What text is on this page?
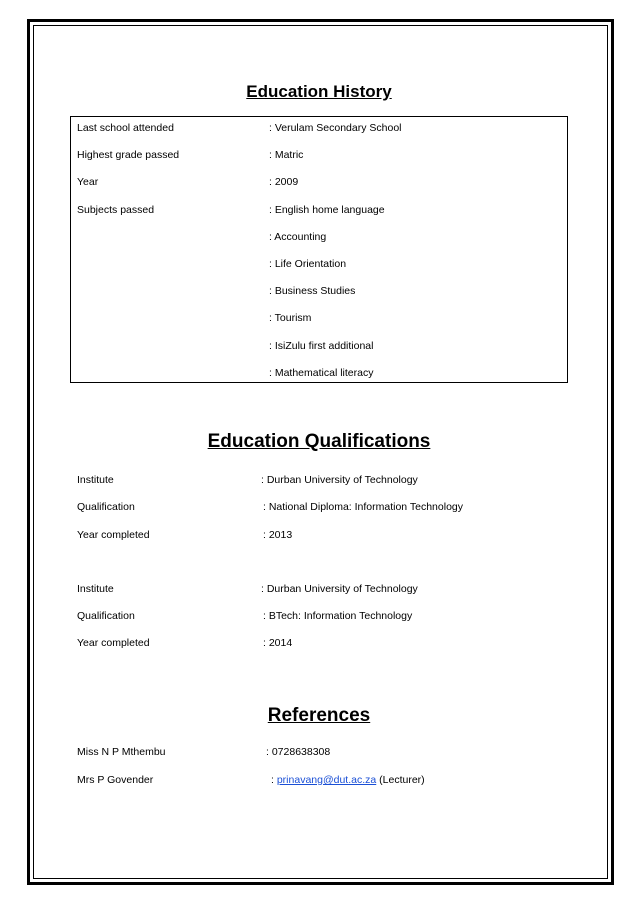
Education History
Last school attended	: Verulam Secondary School
Highest grade passed	: Matric
Year	: 2009
Subjects passed	: English home language
: Accounting
: Life Orientation
: Business Studies
: Tourism
: IsiZulu first additional
: Mathematical literacy
Education Qualifications
Institute	: Durban University of Technology
Qualification	: National Diploma: Information Technology
Year completed	: 2013
Institute	: Durban University of Technology
Qualification	: BTech: Information Technology
Year completed	: 2014
References
Miss N P Mthembu	: 0728638308
Mrs P Govender	: prinavang@dut.ac.za (Lecturer)
